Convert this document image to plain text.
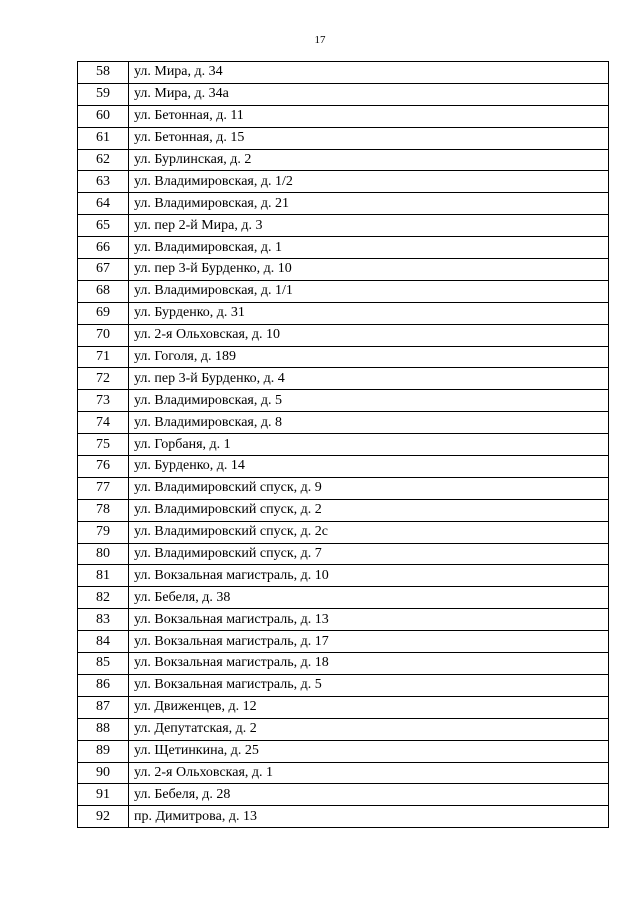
17
58	ул. Мира, д. 34
59	ул. Мира, д. 34а
60	ул. Бетонная, д. 11
61	ул. Бетонная, д. 15
62	ул. Бурлинская, д. 2
63	ул. Владимировская, д. 1/2
64	ул. Владимировская, д. 21
65	ул. пер 2-й Мира, д. 3
66	ул. Владимировская, д. 1
67	ул. пер 3-й Бурденко, д. 10
68	ул. Владимировская, д. 1/1
69	ул. Бурденко, д. 31
70	ул. 2-я Ольховская, д. 10
71	ул. Гоголя, д. 189
72	ул. пер 3-й Бурденко, д. 4
73	ул. Владимировская, д. 5
74	ул. Владимировская, д. 8
75	ул. Горбаня, д. 1
76	ул. Бурденко, д. 14
77	ул. Владимировский спуск, д. 9
78	ул. Владимировский спуск, д. 2
79	ул. Владимировский спуск, д. 2с
80	ул. Владимировский спуск, д. 7
81	ул. Вокзальная магистраль, д. 10
82	ул. Бебеля, д. 38
83	ул. Вокзальная магистраль, д. 13
84	ул. Вокзальная магистраль, д. 17
85	ул. Вокзальная магистраль, д. 18
86	ул. Вокзальная магистраль, д. 5
87	ул. Движенцев, д. 12
88	ул. Депутатская, д. 2
89	ул. Щетинкина, д. 25
90	ул. 2-я Ольховская, д. 1
91	ул. Бебеля, д. 28
92	пр. Димитрова, д. 13
